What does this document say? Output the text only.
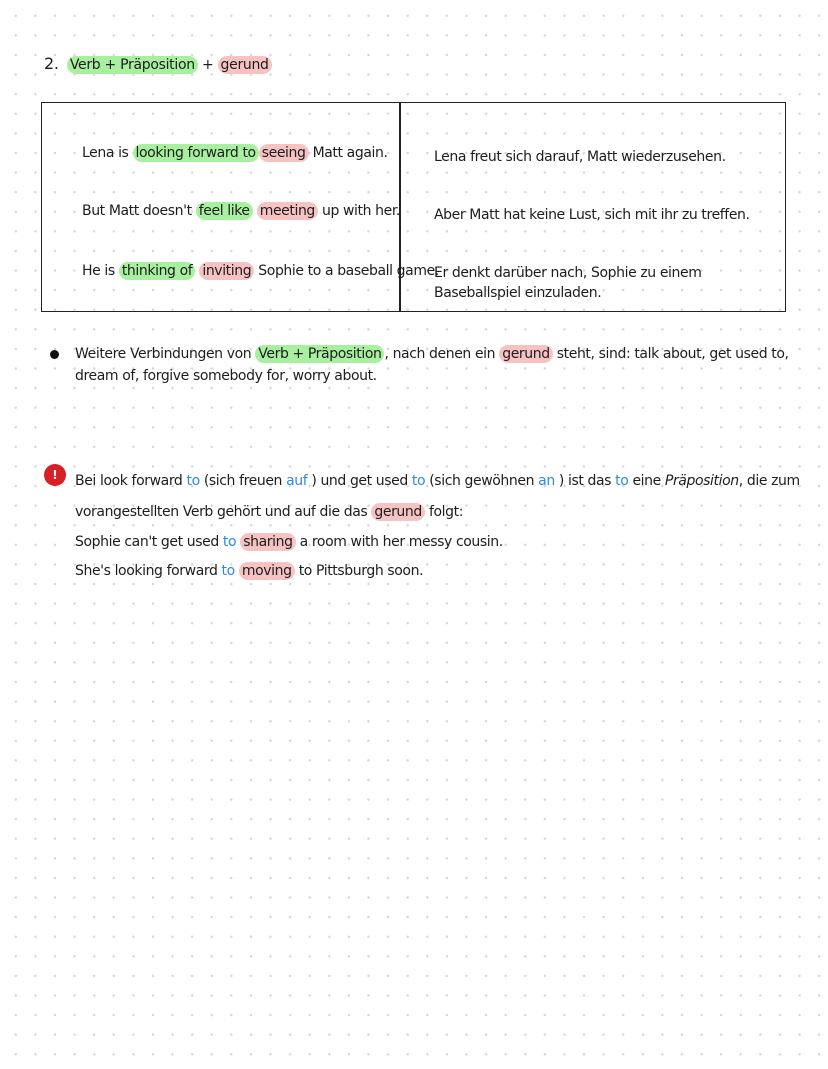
2. Verb + Präposition + gerund
Lena is looking forward to seeing Matt again.	Lena freut sich darauf, Matt wiederzusehen.
But Matt doesn't feel like meeting up with her. Aber Matt hat keine Lust, sich mit ihr zu treffen.
He is thinking of inviting Sophie to a baseball game.
Er denkt darüber nach, Sophie zu einem Baseballspiel einzuladen.
Weitere Verbindungen von Verb + Präposition , nach denen ein gerund steht, sind: talk about, get used to, dream of, forgive somebody for, worry about.
!	Bei look forward to (sich freuen auf ) und get used to (sich gewöhnen an ) ist das to eine Präposition, die zum
vorangestellten Verb gehört und auf die das gerund folgt:
Sophie can't get used to sharing a room with her messy cousin.
She's looking forward to moving to Pittsburgh soon.
